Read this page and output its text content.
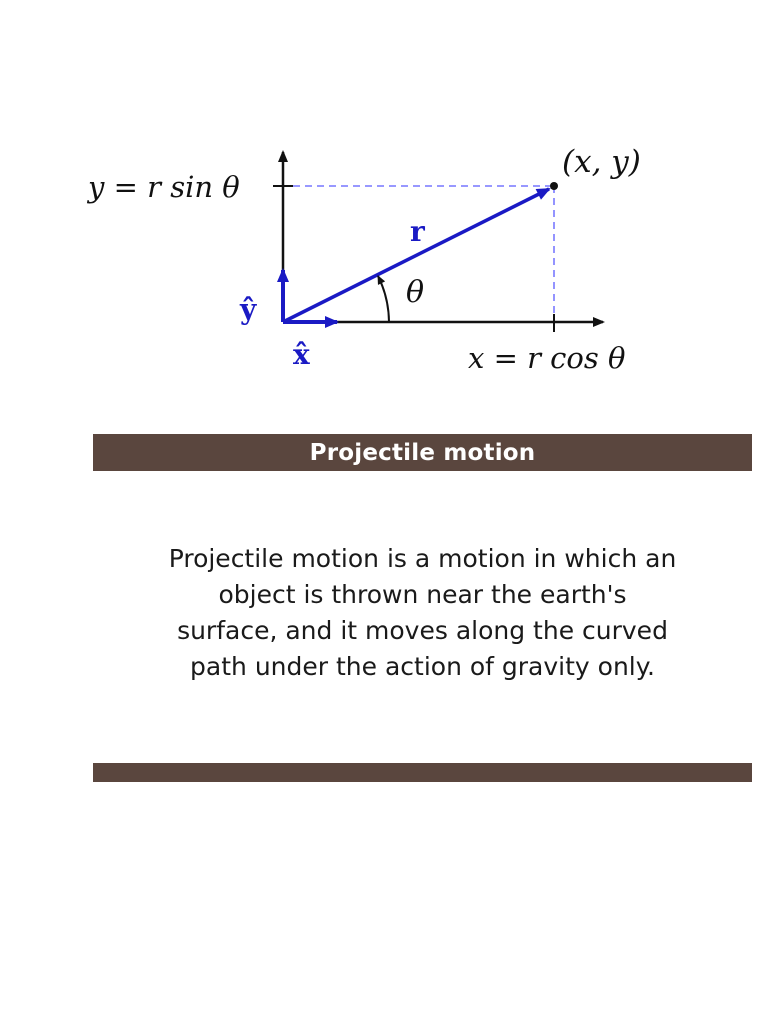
y = r sin θ
x = r cos θ
(x, y)
r
θ
x̂
ŷ
Projectile motion
Projectile motion is a motion in which an
object is thrown near the earth's
surface, and it moves along the curved
path under the action of gravity only.
